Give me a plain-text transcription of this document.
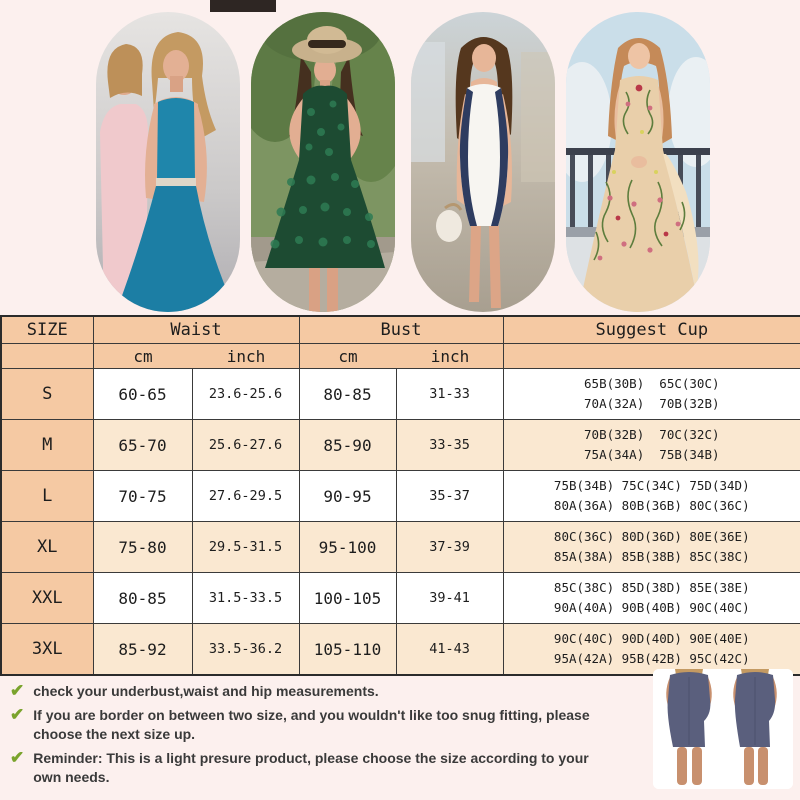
SIZE	Waist		Bust		Suggest Cup

	cm inch		cm inch		

S	60-65	23.6-25.6	80-85	31-33	65B(30B)  65C(30C)
70A(32A)  70B(32B)

M	65-70	25.6-27.6	85-90	33-35	70B(32B)  70C(32C)
75A(34A)  75B(34B)

L	70-75	27.6-29.5	90-95	35-37	75B(34B) 75C(34C) 75D(34D)
80A(36A) 80B(36B) 80C(36C)

XL	75-80	29.5-31.5	95-100	37-39	80C(36C) 80D(36D) 80E(36E)
85A(38A) 85B(38B) 85C(38C)

XXL	80-85	31.5-33.5	100-105	39-41	85C(38C) 85D(38D) 85E(38E)
90A(40A) 90B(40B) 90C(40C)

3XL	85-92	33.5-36.2	105-110	41-43	90C(40C) 90D(40D) 90E(40E)
95A(42A) 95B(42B) 95C(42C)
✔ check your underbust,waist and hip measurements.
✔ If you are border on between two size, and you wouldn't like too snug fitting, please choose the next size up.
✔ Reminder: This is a light presure product, please choose the size according to your own needs.
